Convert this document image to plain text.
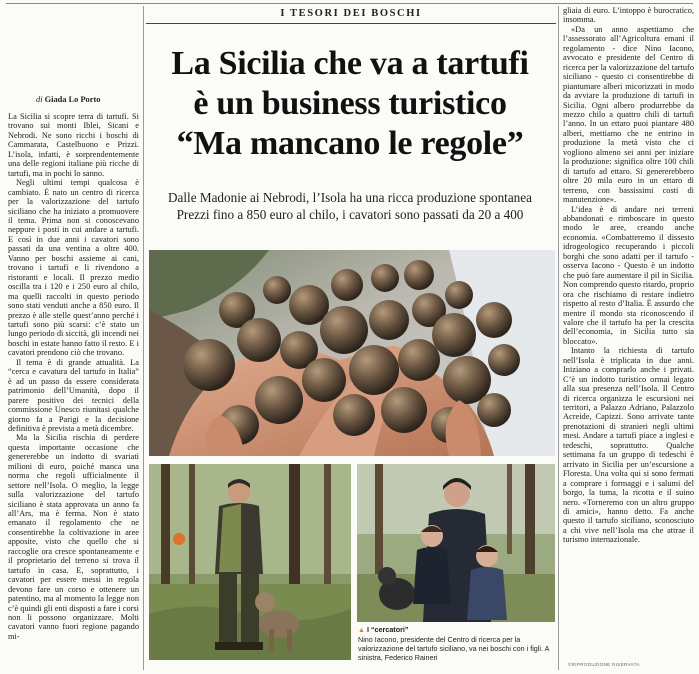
I TESORI DEI BOSCHI
La Sicilia che va a tartufi
è un business turistico
“Ma mancano le regole”
Dalle Madonie ai Nebrodi, l’Isola ha una ricca produzione spontanea
Prezzi fino a 850 euro al chilo, i cavatori sono passati da 20 a 400
di Giada Lo Porto

La Sicilia si scopre terra di tartufi. Si trovano sui monti Iblei, Sicani e Nebrodi. Ne sono ricchi i boschi di Cammarata, Castelbuono e Prizzi. L’isola, infatti, è sorprendentemente una delle regioni italiane più ricche di tartufi, ma in pochi lo sanno.

Negli ultimi tempi qualcosa è cambiato. È nato un centro di ricerca per la valorizzazione del tartufo siciliano che ha iniziato a promuovere il tema. Prima non si conoscevano neppure i posti in cui andare a tartufi. E così in due anni i cavatori sono passati da una ventina a oltre 400. Vanno per boschi assieme ai cani, trovano i tartufi e li rivendono a ristoranti e locali. Il prezzo medio oscilla tra i 120 e i 250 euro al chilo, ma quelli raccolti in questo periodo sono stati venduti anche a 850 euro. Il prezzo è alle stelle quest’anno perché i tartufi sono più scarsi: c’è stato un lungo periodo di siccità, gli incendi nei boschi in estate hanno fatto il resto. E i cavatori prendono ciò che trovano.

Il tema è di grande attualità. La “cerca e cavatura del tartufo in Italia” è ad un passo da essere considerata patrimonio dell’Umanità, dopo il parere positivo dei tecnici della commissione Unesco riunitasi qualche giorno fa a Parigi e la decisione definitiva è prevista a metà dicembre.

Ma la Sicilia rischia di perdere questa importante occasione che genererebbe un indotto di svariati milioni di euro, poiché manca una norma che regoli ufficialmente il settore nell’Isola. O meglio, la legge sulla valorizzazione del tartufo siciliano è stata approvata un anno fa all’Ars, ma è ferma. Non è stato emanato il regolamento che ne consentirebbe la coltivazione in aree apposite, visto che quello che si raccoglie ora cresce spontaneamente e il proprietario del terreno si trova il tartufo in casa. E, soprattutto, i cavatori per essere messi in regola devono fare un corso e ottenere un patentino, ma al momento la legge non c’è quindi gli enti disposti a fare i corsi non li possono organizzare. Molti cavatori vanno fuori regione pagando mi-

gliaia di euro. L’intoppo è burocratico, insomma.

«Da un anno aspettiamo che l’assessorato all’Agricoltura emani il regolamento - dice Nino Iacono, avvocato e presidente del Centro di ricerca per la valorizzazione del tartufo siciliano - questo ci consentirebbe di piantumare alberi micorizzati in modo da avviare la produzione di tartufi in Sicilia. Ogni albero produrrebbe da mezzo chilo a quattro chili di tartufi l’anno. In un ettaro puoi piantare 480 alberi, mettiamo che ne entrino in produzione la metà visto che ci vogliono almeno sei anni per iniziare la produzione: significa oltre 100 chili di tartufo ad ettaro. Si genererebbero oltre 20 mila euro in un ettaro di terreno, con bassissimi costi di manutenzione».

L’idea è di andare nei terreni abbandonati e rimboscare in questo modo le aree, creando anche economia. «Combatteremo il dissesto idrogeologico recuperando i piccoli borghi che sono adatti per il tartufo - osserva Iacono - Questo è un indotto che può fare aumentare il pil in Sicilia. Non comprendo questo ritardo, proprio ora che rischiamo di restare indietro rispetto al resto d’Italia. È assurdo che mentre il mondo sta riconoscendo il valore che il tartufo ha per la crescita dell’economia, in Sicilia tutto sia bloccato».

Intanto la richiesta di tartufo nell’Isola è triplicata in due anni. Iniziano a comprarlo anche i privati. C’è un indotto turistico ormai legato alla sua presenza nell’Isola. Il Centro di ricerca organizza le escursioni nei territori, a Palazzo Adriano, Palazzolo Acreide, Capizzi. Sono arrivate tante prenotazioni di stranieri negli ultimi mesi. Andare a tartufi piace a inglesi e tedeschi, soprattutto. Qualche settimana fa un gruppo di tedeschi è arrivato in Sicilia per un’escursione a Floresta. Una volta qui si sono fermati a comprare i formaggi e i salumi del borgo, la tuma, la ricotta e il suino nero. «Torneremo con un altro gruppo di amici», hanno detto. Fa anche questo il tartufo siciliano, sconosciuto a chi vive nell’Isola ma che attrae il turismo internazionale.

▲ I “cercatori”
Nino Iacono, presidente del Centro di ricerca per la valorizzazione del tartufo siciliano, va nei boschi con i figli. A sinistra, Federico Raineri
©RIPRODUZIONE RISERVATA
